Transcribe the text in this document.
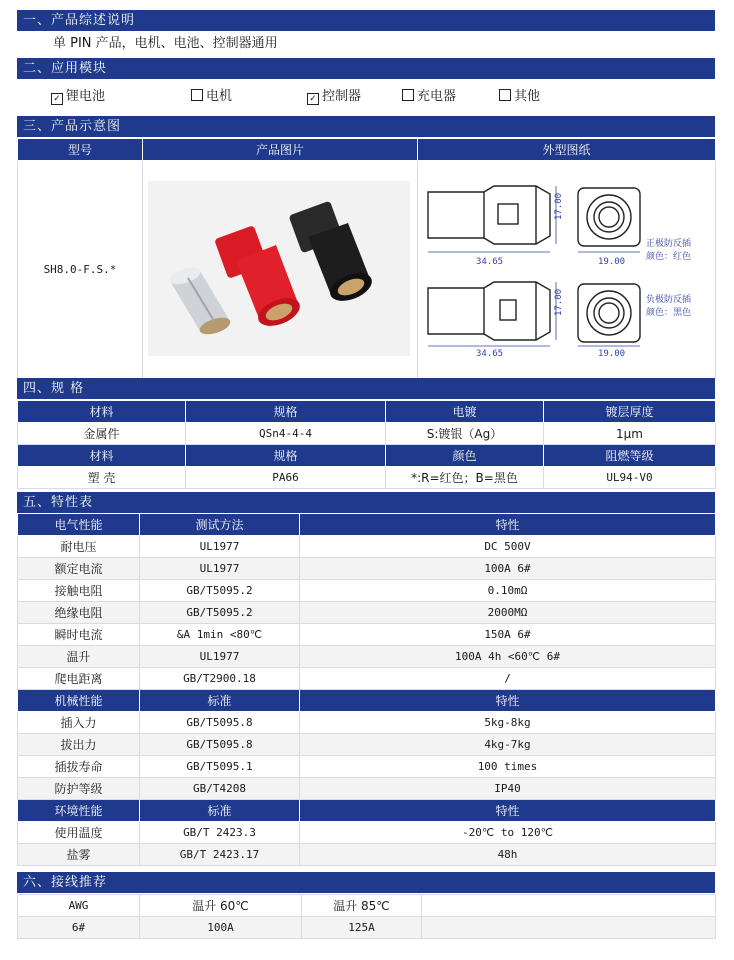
一、产品综述说明
单 PIN 产品，电机、电池、控制器通用
二、应用模块
✓ 锂电池	电机	✓ 控制器	充电器	其他
三、产品示意图
型号	产品图片	外型图纸
SH8.0-F.S.*		
34.65	19.00
17.00
正极防反插
颜色：红色
34.65	19.00
17.00	负极防反插
颜色：黑色
四、规 格
材料	规格	电镀	镀层厚度
金属件	QSn4-4-4	S:镀银（Ag）	1μm
材料	规格	颜色	阻燃等级
塑 壳	PA66	*:R=红色；B=黑色	UL94-V0
五、特性表
电气性能	测试方法	特性
耐电压	UL1977	DC 500V
额定电流	UL1977	100A 6#
接触电阻	GB/T5095.2	0.10mΩ
绝缘电阻	GB/T5095.2	2000MΩ
瞬时电流	&A 1min <80℃	150A 6#
温升	UL1977	100A 4h <60℃ 6#
爬电距离	GB/T2900.18	/
机械性能	标准	特性
插入力	GB/T5095.8	5kg-8kg
拔出力	GB/T5095.8	4kg-7kg
插拔寿命	GB/T5095.1	100 times
防护等级	GB/T4208	IP40
环境性能	标准	特性
使用温度	GB/T 2423.3	-20℃ to 120℃
盐雾	GB/T 2423.17	48h
六、接线推荐
AWG	温升 60℃	温升 85℃	
6#	100A	125A	
